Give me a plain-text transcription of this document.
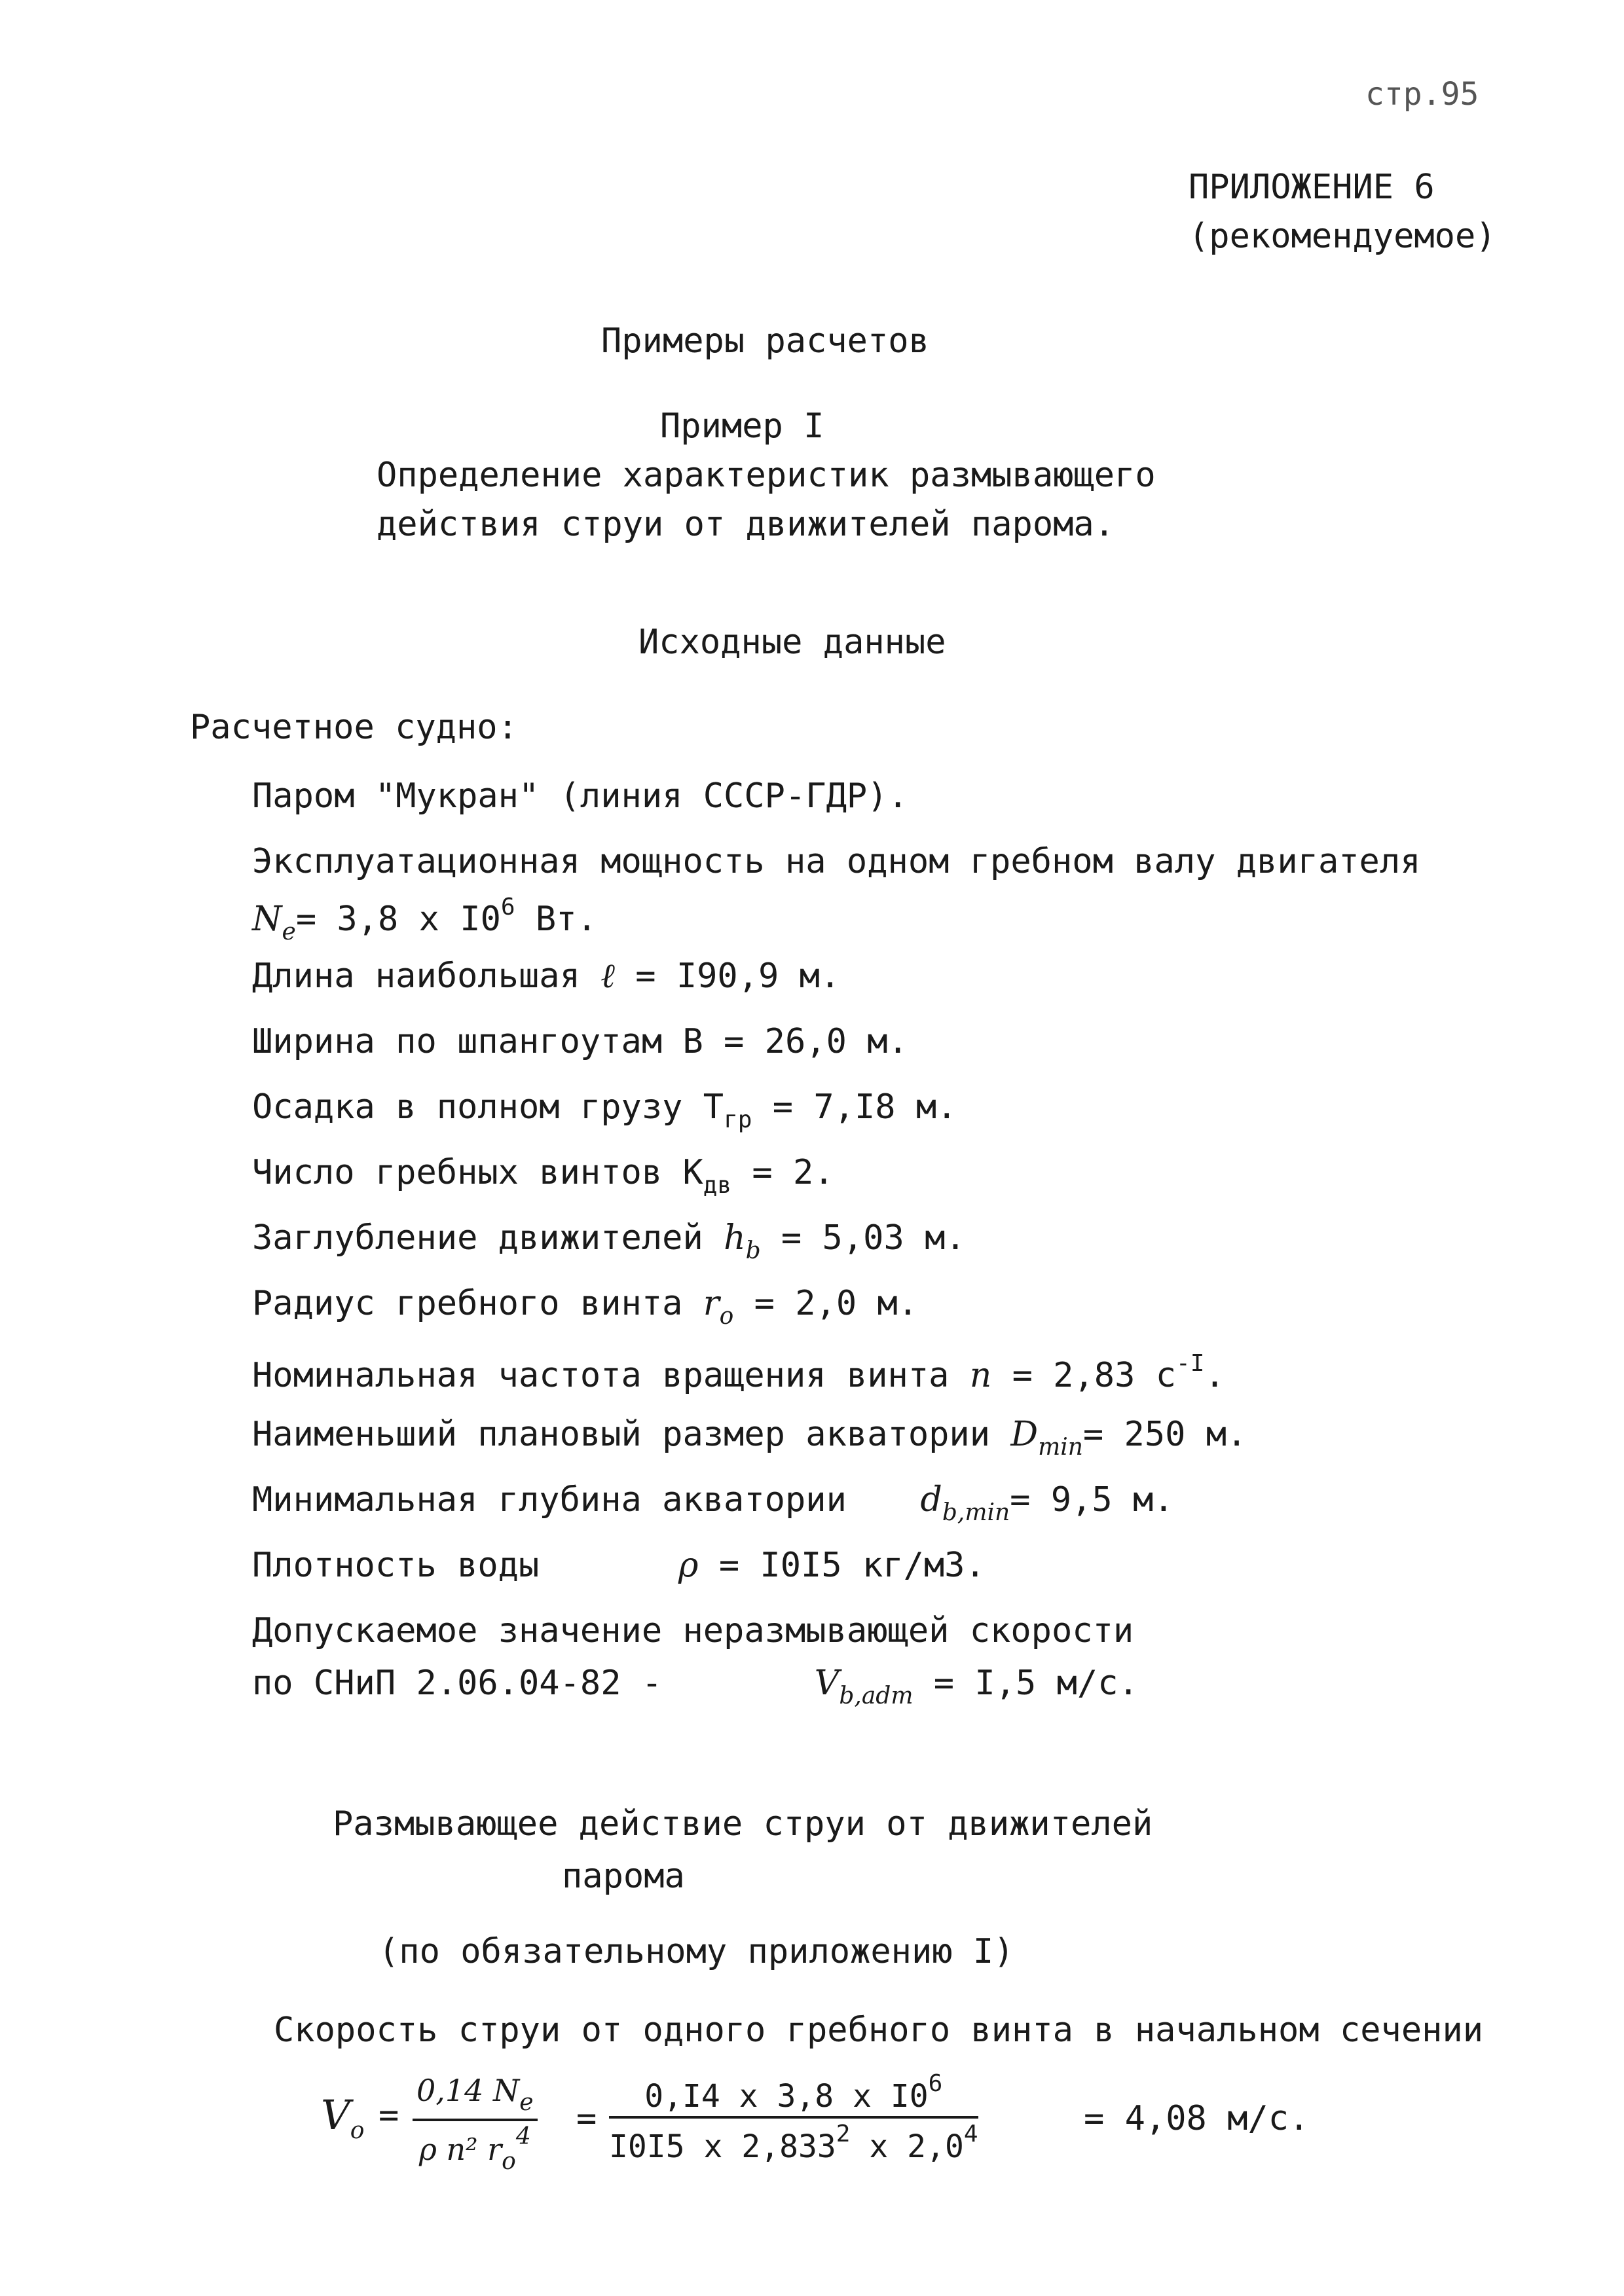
стр.95
ПРИЛОЖЕНИЕ 6
(рекомендуемое)
Примеры расчетов
Пример I
Определение характеристик размывающего
действия струи от движителей парома.
Исходные данные
Расчетное судно:
Паром "Мукран" (линия СССР-ГДР).
Эксплуатационная мощность на одном гребном валу двигателя
$N_e= 3,8$ x $I0^6$ Вт.
Длина наибольшая ℓ = I90,9 м.
Ширина по шпангоутам B = 26,0 м.
Осадка в полном грузу $T_{гр} = 7,I8$ м.
Число гребных винтов $K_{дв} = 2$.
Заглубление движителей $h_b = 5,03$ м.
Радиус гребного винта $r_o = 2,0$ м.
Номинальная частота вращения винта n = 2,83 $с^{-I}$.
Наименьший плановый размер акватории $D_{min}= 250$ м.
Минимальная глубина акватории $d_{b,min}= 9,5$ м.
Плотность воды	ρ = I0I5 кг/м3.
Допускаемое значение неразмывающей скорости
по СНиП 2.06.04-82 -	$V_{b,adm} = I,5$ м/с.
Размывающее действие струи от движителей
парома
(по обязательному приложению I)
Скорость струи от одного гребного винта в начальном сечении
$V_o = \frac{0,14 N_e}{\rho n^2 r_o^4} = \frac{0,I4 x 3,8 x I0^6}{I0I5 x 2,833^2 x 2,0^4}$	= 4,08 м/с.
